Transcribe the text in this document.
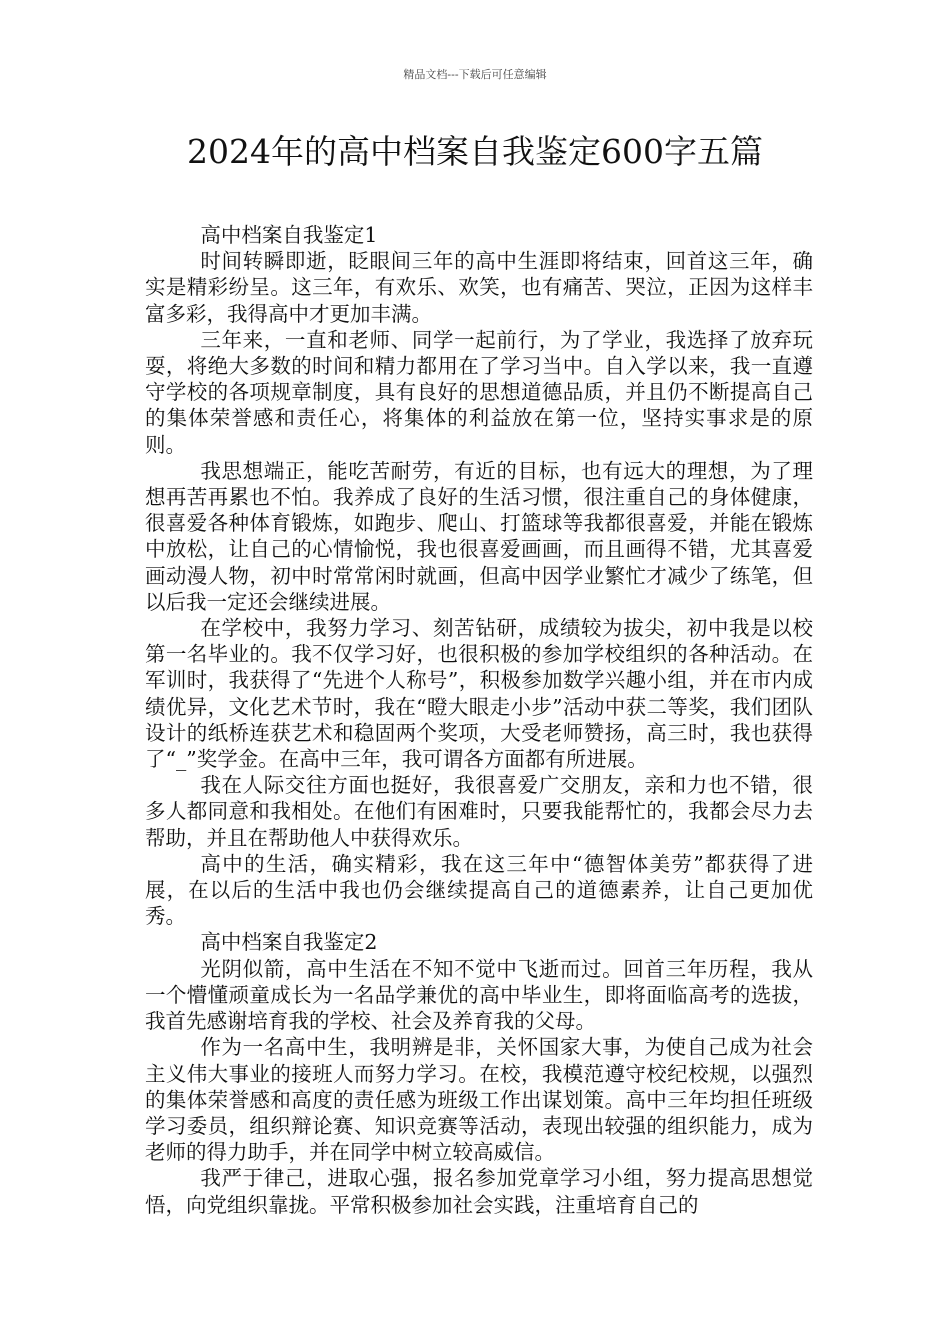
精品文档---下载后可任意编辑
2024年的高中档案自我鉴定600字五篇

高中档案自我鉴定1

时间转瞬即逝，眨眼间三年的高中生涯即将结束，回首这三年，确实是精彩纷呈。这三年，有欢乐、欢笑，也有痛苦、哭泣，正因为这样丰富多彩，我得高中才更加丰满。

三年来，一直和老师、同学一起前行，为了学业，我选择了放弃玩耍，将绝大多数的时间和精力都用在了学习当中。自入学以来，我一直遵守学校的各项规章制度，具有良好的思想道德品质，并且仍不断提高自己的集体荣誉感和责任心，将集体的利益放在第一位，坚持实事求是的原则。

我思想端正，能吃苦耐劳，有近的目标，也有远大的理想，为了理想再苦再累也不怕。我养成了良好的生活习惯，很注重自己的身体健康，很喜爱各种体育锻炼，如跑步、爬山、打篮球等我都很喜爱，并能在锻炼中放松，让自己的心情愉悦，我也很喜爱画画，而且画得不错，尤其喜爱画动漫人物，初中时常常闲时就画，但高中因学业繁忙才减少了练笔，但以后我一定还会继续进展。

在学校中，我努力学习、刻苦钻研，成绩较为拔尖，初中我是以校第一名毕业的。我不仅学习好，也很积极的参加学校组织的各种活动。在军训时，我获得了“先进个人称号”，积极参加数学兴趣小组，并在市内成绩优异，文化艺术节时，我在“瞪大眼走小步”活动中获二等奖，我们团队设计的纸桥连获艺术和稳固两个奖项，大受老师赞扬，高三时，我也获得了“_”奖学金。在高中三年，我可谓各方面都有所进展。

我在人际交往方面也挺好，我很喜爱广交朋友，亲和力也不错，很多人都同意和我相处。在他们有困难时，只要我能帮忙的，我都会尽力去帮助，并且在帮助他人中获得欢乐。

高中的生活，确实精彩，我在这三年中“德智体美劳”都获得了进展，在以后的生活中我也仍会继续提高自己的道德素养，让自己更加优秀。

高中档案自我鉴定2

光阴似箭，高中生活在不知不觉中飞逝而过。回首三年历程，我从一个懵懂顽童成长为一名品学兼优的高中毕业生，即将面临高考的选拔，我首先感谢培育我的学校、社会及养育我的父母。

作为一名高中生，我明辨是非，关怀国家大事，为使自己成为社会主义伟大事业的接班人而努力学习。在校，我模范遵守校纪校规，以强烈的集体荣誉感和高度的责任感为班级工作出谋划策。高中三年均担任班级学习委员，组织辩论赛、知识竞赛等活动，表现出较强的组织能力，成为老师的得力助手，并在同学中树立较高威信。

我严于律己，进取心强，报名参加党章学习小组，努力提高思想觉悟，向党组织靠拢。平常积极参加社会实践，注重培育自己的
